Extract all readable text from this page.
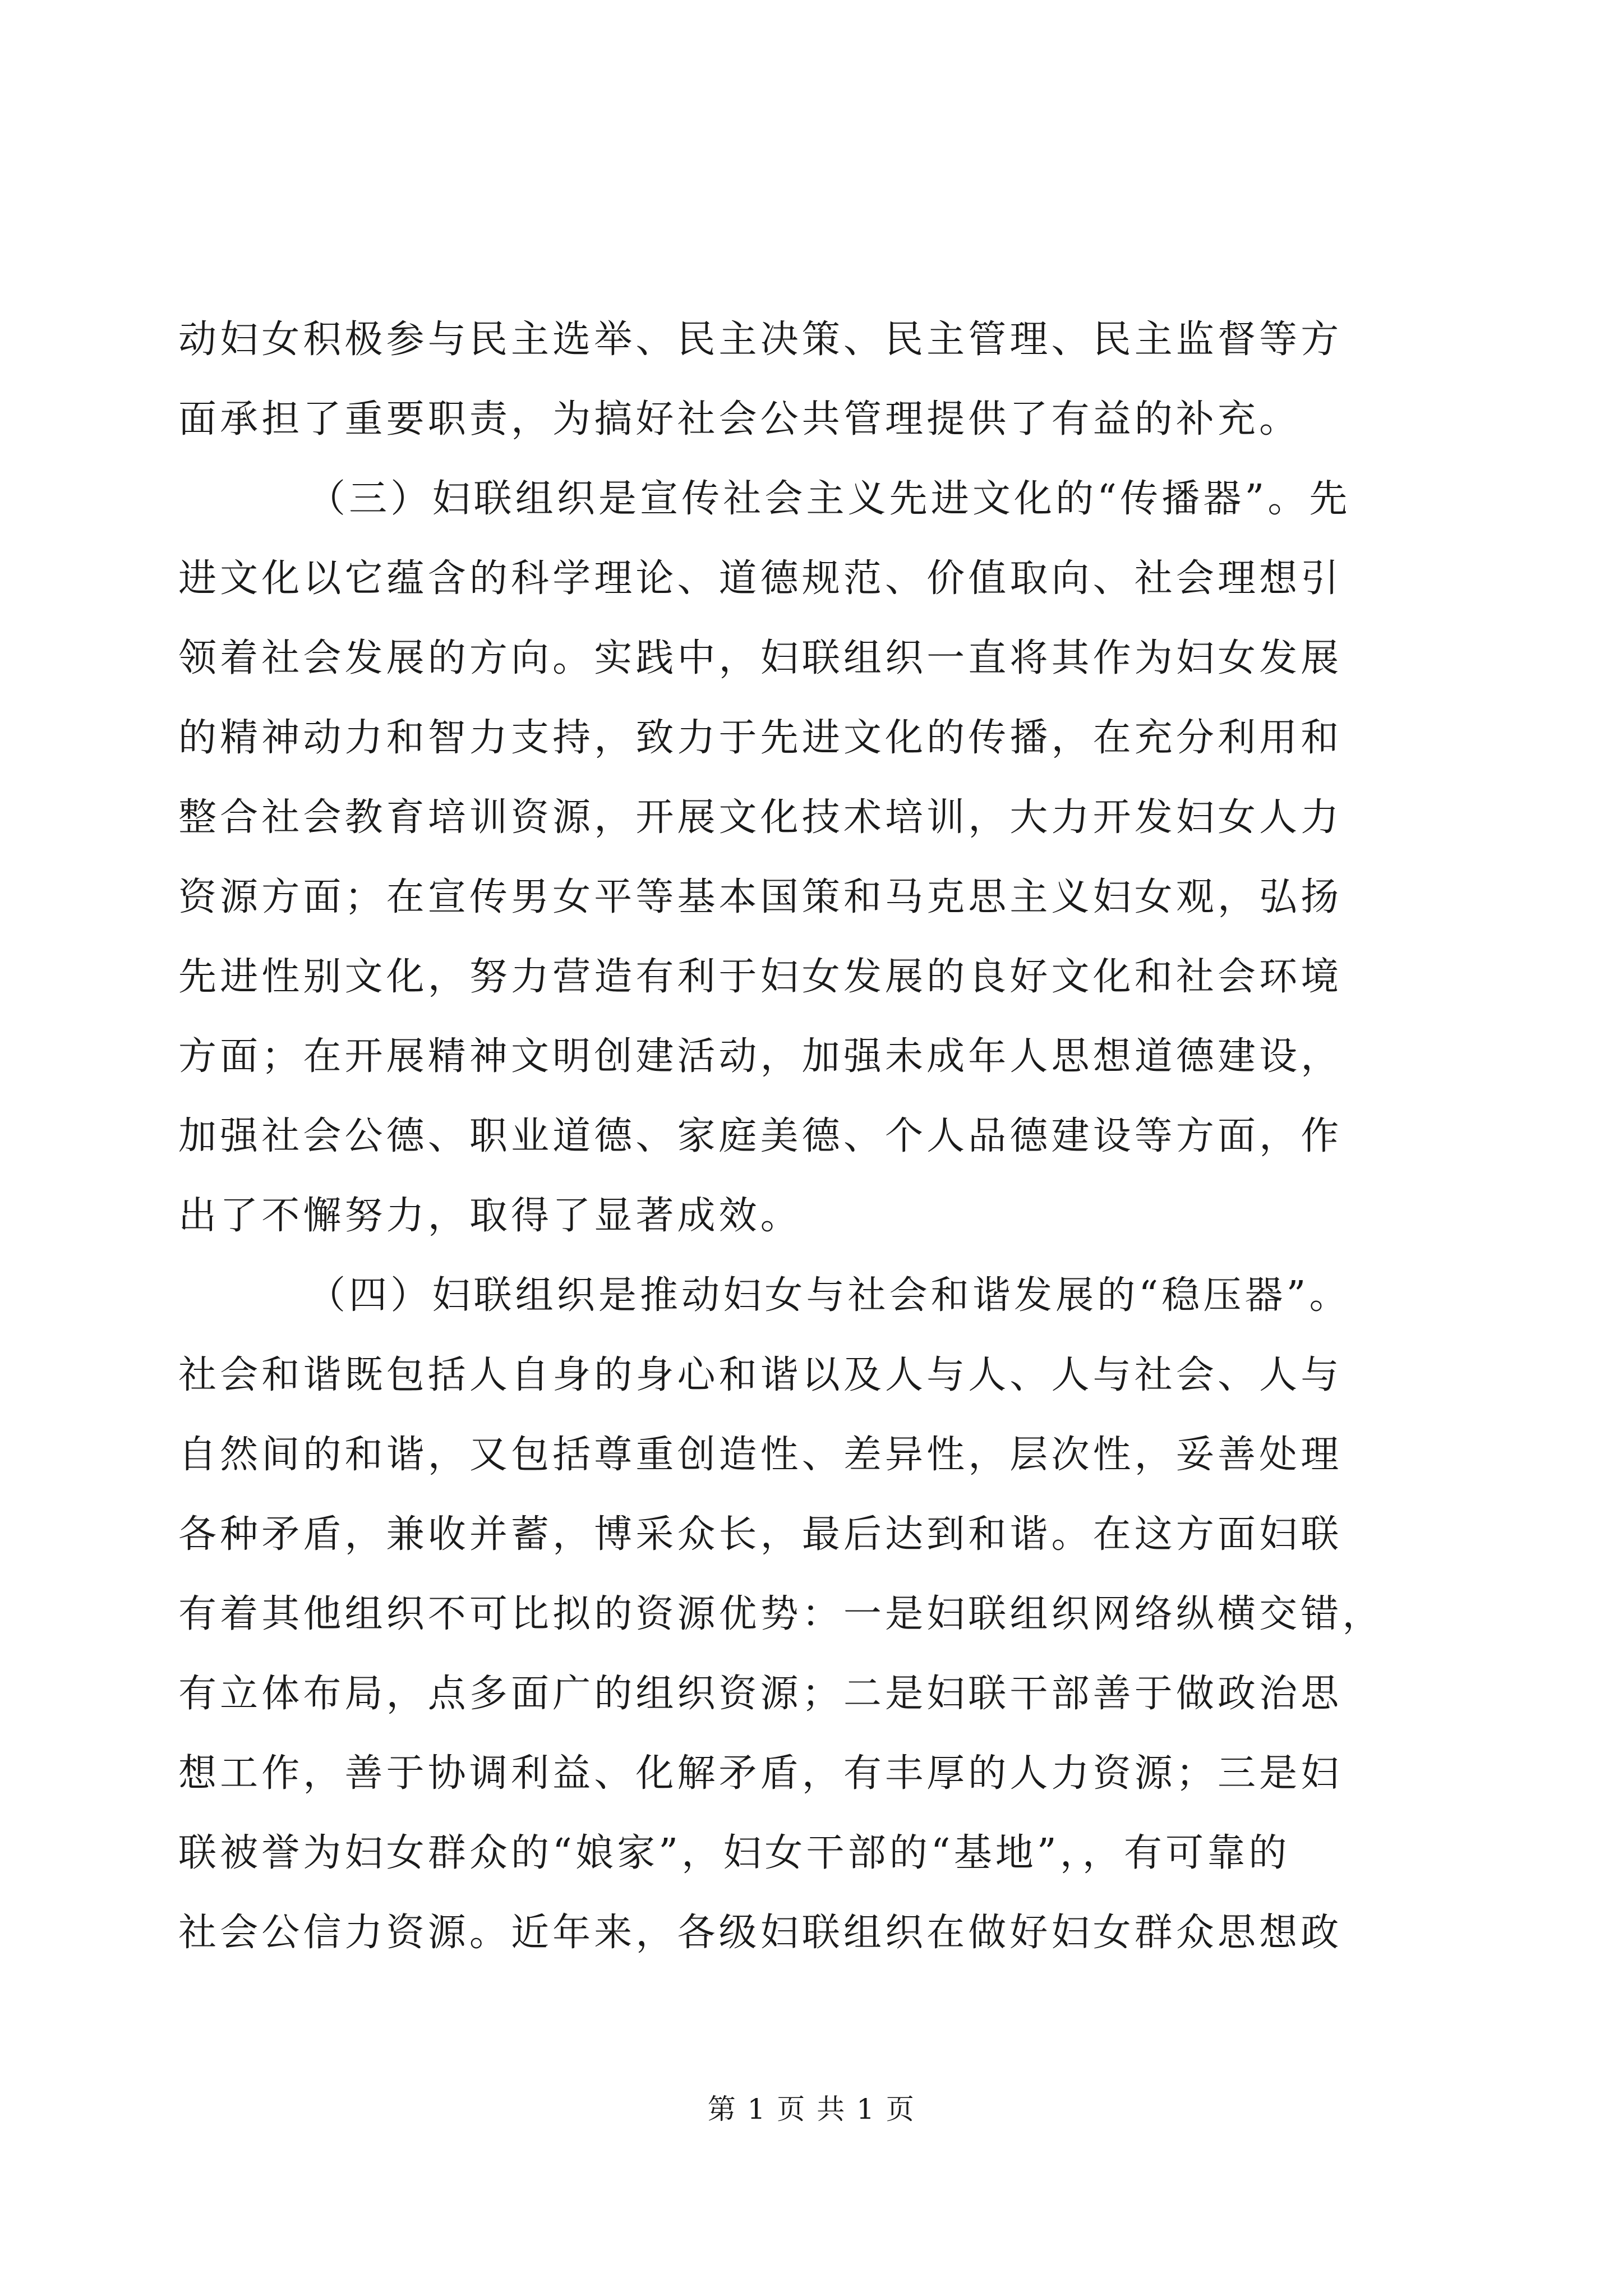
动妇女积极参与民主选举、民主决策、民主管理、民主监督等方
面承担了重要职责，为搞好社会公共管理提供了有益的补充。
（三）妇联组织是宣传社会主义先进文化的“传播器”。先
进文化以它蕴含的科学理论、道德规范、价值取向、社会理想引
领着社会发展的方向。实践中，妇联组织一直将其作为妇女发展
的精神动力和智力支持，致力于先进文化的传播，在充分利用和
整合社会教育培训资源，开展文化技术培训，大力开发妇女人力
资源方面；在宣传男女平等基本国策和马克思主义妇女观，弘扬
先进性别文化，努力营造有利于妇女发展的良好文化和社会环境
方面；在开展精神文明创建活动，加强未成年人思想道德建设，
加强社会公德、职业道德、家庭美德、个人品德建设等方面，作
出了不懈努力，取得了显著成效。
（四）妇联组织是推动妇女与社会和谐发展的“稳压器”。
社会和谐既包括人自身的身心和谐以及人与人、人与社会、人与
自然间的和谐，又包括尊重创造性、差异性，层次性，妥善处理
各种矛盾，兼收并蓄，博采众长，最后达到和谐。在这方面妇联
有着其他组织不可比拟的资源优势：一是妇联组织网络纵横交错，
有立体布局，点多面广的组织资源；二是妇联干部善于做政治思
想工作，善于协调利益、化解矛盾，有丰厚的人力资源；三是妇
联被誉为妇女群众的“娘家”，妇女干部的“基地”，，有可靠的
社会公信力资源。近年来，各级妇联组织在做好妇女群众思想政
第 1 页 共 1 页
